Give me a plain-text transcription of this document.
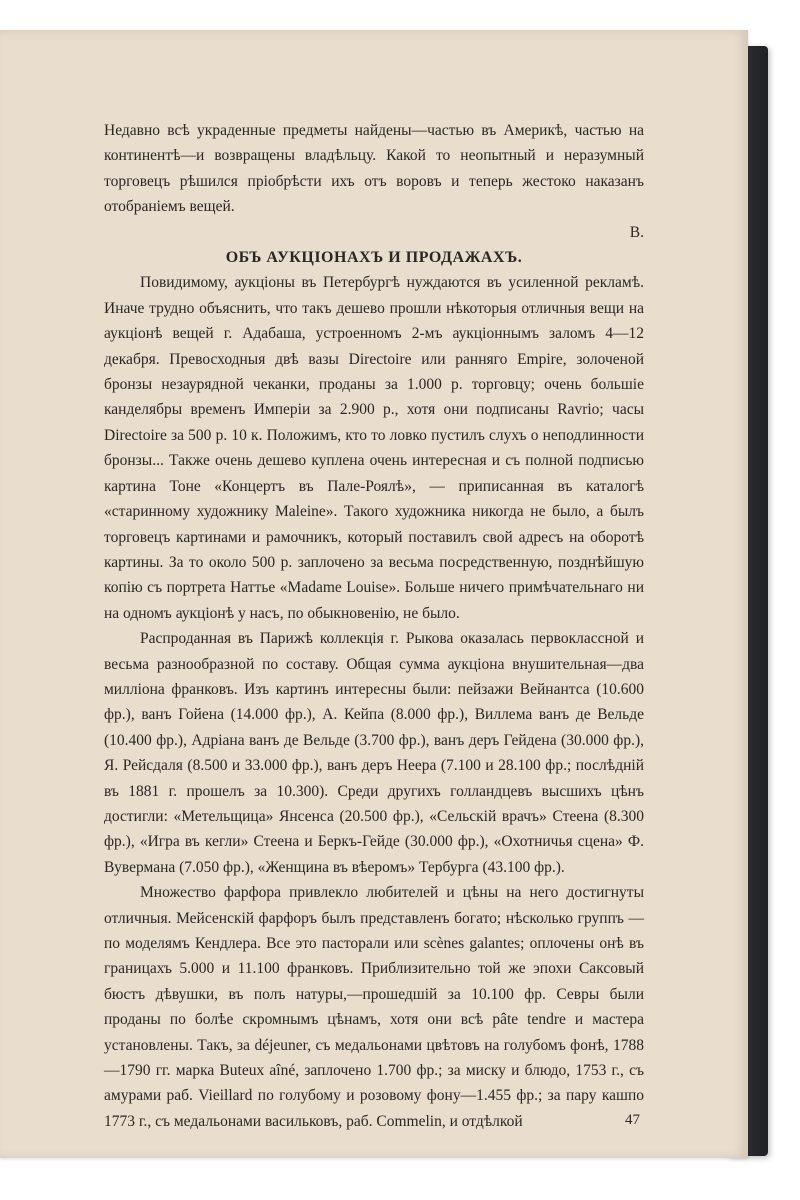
Недавно всѣ украденные предметы найдены—частью въ Америкѣ, частью на континентѣ—и возвращены владѣльцу. Какой то неопытный и неразумный торговецъ рѣшился пріобрѣсти ихъ отъ воровъ и теперь жестоко наказанъ отобраніемъ вещей.

В.

ОБЪ АУКЦІОНАХЪ И ПРОДАЖАХЪ.

Повидимому, аукціоны въ Петербургѣ нуждаются въ усиленной рекламѣ. Иначе трудно объяснить, что такъ дешево прошли нѣкоторыя отличныя вещи на аукціонѣ вещей г. Адабаша, устроенномъ 2-мъ аукціоннымъ заломъ 4—12 декабря. Превосходныя двѣ вазы Directoire или ранняго Empire, золоченой бронзы незаурядной чеканки, проданы за 1.000 р. торговцу; очень большіе канделябры временъ Имперіи за 2.900 р., хотя они подписаны Ravrio; часы Directoire за 500 р. 10 к. Положимъ, кто то ловко пустилъ слухъ о неподлинности бронзы... Также очень дешево куплена очень интересная и съ полной подписью картина Тоне «Концертъ въ Пале-Роялѣ», — приписанная въ каталогѣ «старинному художнику Maleine». Такого художника никогда не было, а былъ торговецъ картинами и рамочникъ, который поставилъ свой адресъ на оборотѣ картины. За то около 500 р. заплочено за весьма посредственную, позднѣйшую копію съ портрета Наттье «Madame Louise». Больше ничего примѣчательнаго ни на одномъ аукціонѣ у насъ, по обыкновенію, не было.

Распроданная въ Парижѣ коллекція г. Рыкова оказалась первоклассной и весьма разнообразной по составу. Общая сумма аукціона внушительная—два милліона франковъ. Изъ картинъ интересны были: пейзажи Вейнантса (10.600 фр.), ванъ Гойена (14.000 фр.), А. Кейпа (8.000 фр.), Виллема ванъ де Вельде (10.400 фр.), Адріана ванъ де Вельде (3.700 фр.), ванъ деръ Гейдена (30.000 фр.), Я. Рейсдаля (8.500 и 33.000 фр.), ванъ деръ Неера (7.100 и 28.100 фр.; послѣдній въ 1881 г. прошелъ за 10.300). Среди другихъ голландцевъ высшихъ цѣнъ достигли: «Метельщица» Янсенса (20.500 фр.), «Сельскій врачъ» Стеена (8.300 фр.), «Игра въ кегли» Стеена и Беркъ-Гейде (30.000 фр.), «Охотничья сцена» Ф. Вувермана (7.050 фр.), «Женщина въ вѣеромъ» Тербурга (43.100 фр.).

Множество фарфора привлекло любителей и цѣны на него достигнуты отличныя. Мейсенскій фарфоръ былъ представленъ богато; нѣсколько группъ — по моделямъ Кендлера. Все это пасторали или scènes galantes; оплочены онѣ въ границахъ 5.000 и 11.100 франковъ. Приблизительно той же эпохи Саксовый бюстъ дѣвушки, въ полъ натуры,—прошедшій за 10.100 фр. Севры были проданы по болѣе скромнымъ цѣнамъ, хотя они всѣ pâte tendre и мастера установлены. Такъ, за déjeuner, съ медальонами цвѣтовъ на голубомъ фонѣ, 1788—1790 гг. марка Buteux aîné, заплочено 1.700 фр.; за миску и блюдо, 1753 г., съ амурами раб. Vieillard по голубому и розовому фону—1.455 фр.; за пару кашпо 1773 г., съ медальонами васильковъ, раб. Commelin, и отдѣлкой	47
